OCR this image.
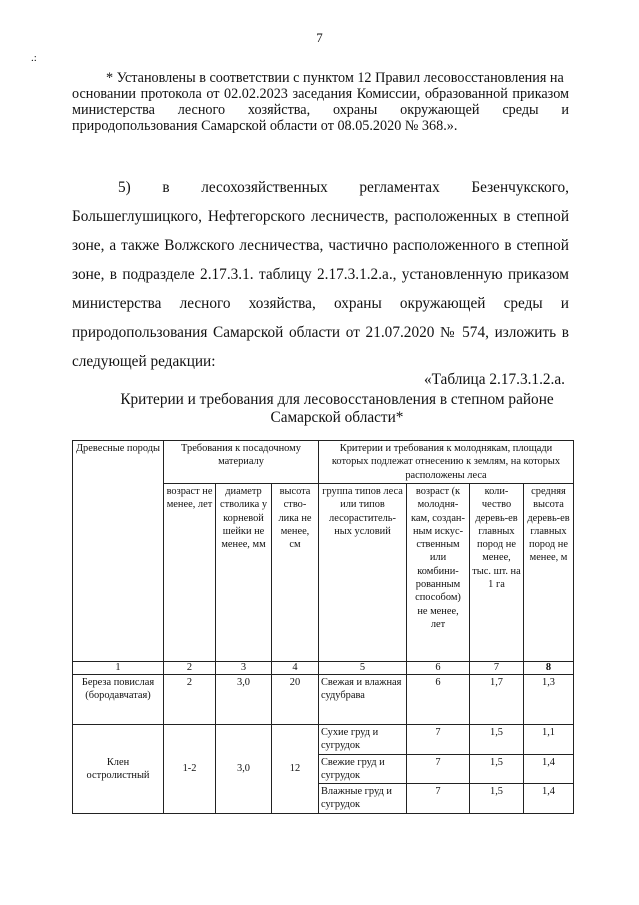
7
.:
* Установлены в соответствии с пунктом 12 Правил лесовосстановления на
основании протокола от 02.02.2023 заседания Комиссии, образованной приказом
министерства лесного хозяйства, охраны окружающей среды и
природопользования Самарской области от 08.05.2020 № 368.».
5) в лесохозяйственных регламентах Безенчукского,
Большеглушицкого, Нефтегорского лесничеств, расположенных в степной
зоне, а также Волжского лесничества, частично расположенного в степной
зоне, в подразделе 2.17.3.1. таблицу 2.17.3.1.2.а., установленную приказом
министерства лесного хозяйства, охраны окружающей среды и
природопользования Самарской области от 21.07.2020 № 574, изложить в
следующей редакции:
«Таблица 2.17.3.1.2.а.
Критерии и требования для лесовосстановления в степном районе
Самарской области*
Древесные породы	Требования к посадочному материалу			Критерии и требования к молоднякам, площади которых подлежат отнесению к землям, на которых расположены леса			
	возраст не менее, лет	диаметр стволика у корневой шейки не менее, мм	высота ство-лика не менее, см	группа типов леса или типов лесораститель-ных условий	возраст (к молодня-кам, создан-ным искус-ственным или комбини-рованным способом) не менее, лет	коли-чество деревь-ев главных пород не менее, тыс. шт. на 1 га	средняя высота деревь-ев главных пород не менее, м
1	2	3	4	5	6	7	8
Береза повислая (бородавчатая)	2	3,0	20	Свежая и влажная судубрава	6	1,7	1,3
Клен остролистный	1-2	3,0	12	Сухие груд и сугрудок	7	1,5	1,1
				Свежие груд и сугрудок	7	1,5	1,4
				Влажные груд и сугрудок	7	1,5	1,4
